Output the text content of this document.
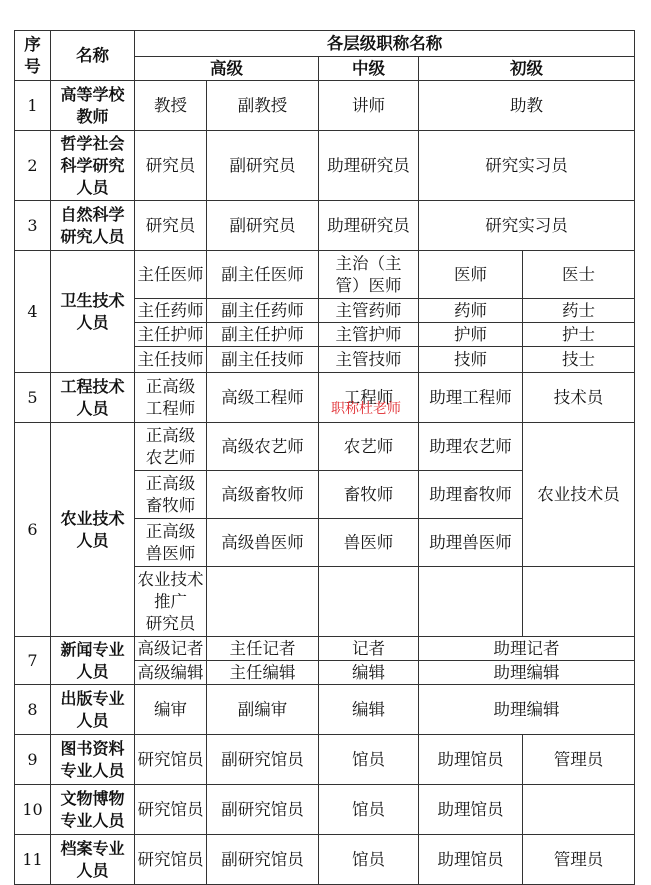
序号	名称	各层级职称名称				
		高级		中级	初级	
1	高等学校
教师	教授	副教授	讲师	助教	
2	哲学社会
科学研究
人员	研究员	副研究员	助理研究员	研究实习员	
3	自然科学
研究人员	研究员	副研究员	助理研究员	研究实习员	
4	卫生技术
人员	主任医师	副主任医师	主治（主
管）医师	医师	医士
		主任药师	副主任药师	主管药师	药师	药士
		主任护师	副主任护师	主管护师	护师	护士
		主任技师	副主任技师	主管技师	技师	技士
5	工程技术
人员	正高级
工程师	高级工程师	工程师	助理工程师	技术员
6	农业技术
人员	正高级
农艺师	高级农艺师	农艺师	助理农艺师	农业技术员
		正高级
畜牧师	高级畜牧师	畜牧师	助理畜牧师	
		正高级
兽医师	高级兽医师	兽医师	助理兽医师	
		农业技术
推广
研究员				
7	新闻专业
人员	高级记者	主任记者	记者	助理记者	
		高级编辑	主任编辑	编辑	助理编辑	
8	出版专业
人员	编审	副编审	编辑	助理编辑	
9	图书资料
专业人员	研究馆员	副研究馆员	馆员	助理馆员	管理员
10	文物博物
专业人员	研究馆员	副研究馆员	馆员	助理馆员	
11	档案专业
人员	研究馆员	副研究馆员	馆员	助理馆员	管理员
职称杜老师
